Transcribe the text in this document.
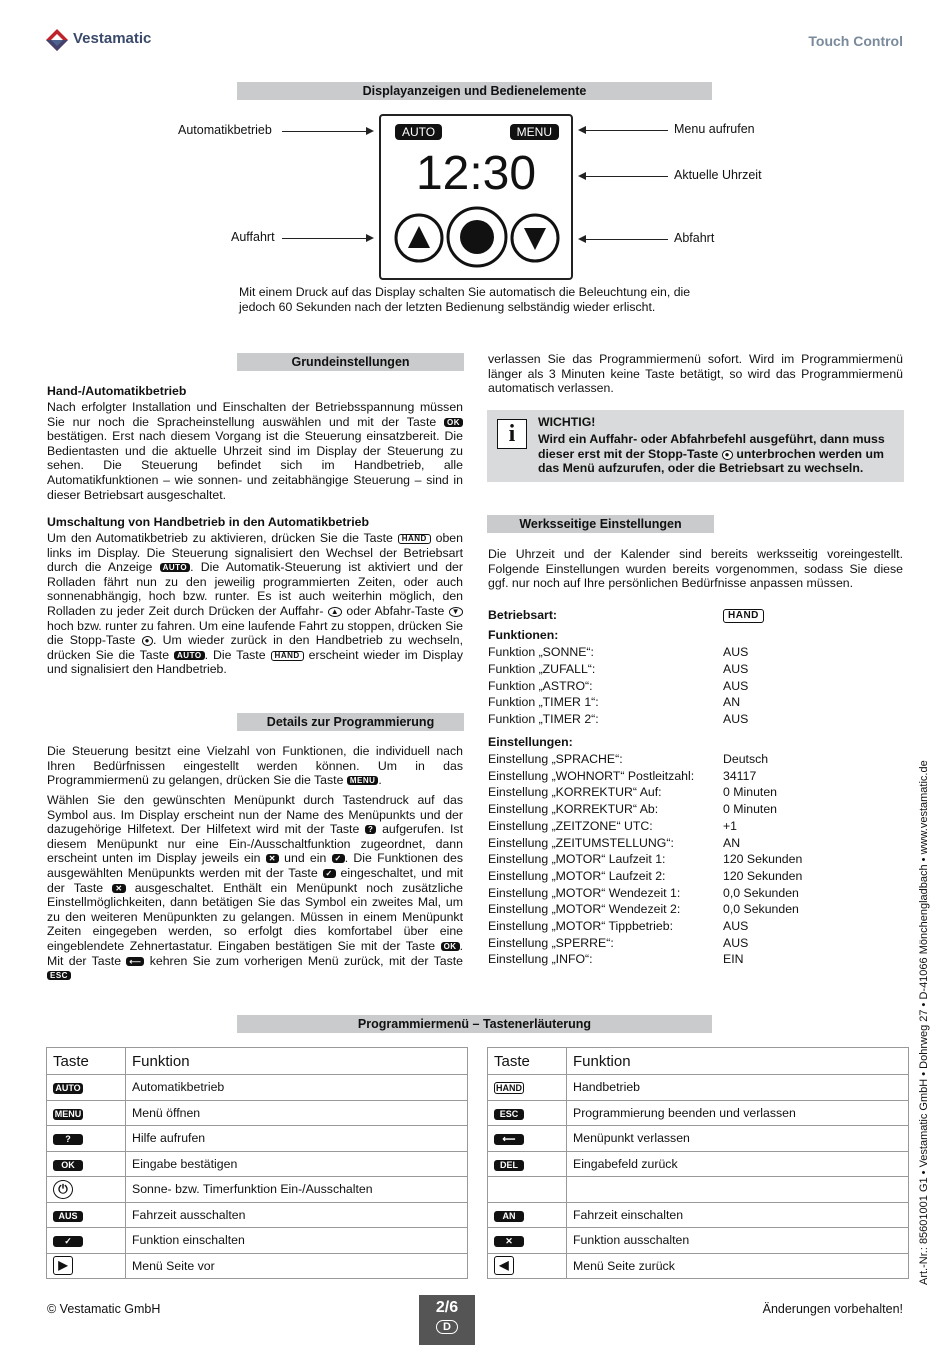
Vestamatic	Touch Control
Displayanzeigen und Bedienelemente
AUTO	MENU
12:30
Automatikbetrieb
Auffahrt
Menu aufrufen
Aktuelle Uhrzeit
Abfahrt
Mit einem Druck auf das Display schalten Sie automatisch die Beleuchtung ein, die jedoch 60 Sekunden nach der letzten Bedienung selbständig wieder erlischt.
Grundeinstellungen
Hand-/Automatikbetrieb
Nach erfolgter Installation und Einschalten der Betriebsspannung müssen Sie nur noch die Spracheinstellung auswählen und mit der Taste OK bestätigen. Erst nach diesem Vorgang ist die Steuerung einsatzbereit. Die Bedientasten und die aktuelle Uhrzeit sind im Display der Steuerung zu sehen. Die Steuerung befindet sich im Handbetrieb, alle Automatikfunktionen – wie sonnen- und zeitabhängige Steuerung – sind in dieser Betriebsart ausgeschaltet.
Umschaltung von Handbetrieb in den Automatikbetrieb
Um den Automatikbetrieb zu aktivieren, drücken Sie die Taste HAND oben links im Display. Die Steuerung signalisiert den Wechsel der Betriebsart durch die Anzeige AUTO . Die Automatik-Steuerung ist aktiviert und der Rolladen fährt nun zu den jeweilig programmierten Zeiten, oder auch sonnenabhängig, hoch bzw. runter. Es ist auch weiterhin möglich, den Rolladen zu jeder Zeit durch Drücken der Auffahr- ▲ oder Abfahr-Taste ▼ hoch bzw. runter zu fahren. Um eine laufende Fahrt zu stoppen, drücken Sie die Stopp-Taste ● . Um wieder zurück in den Handbetrieb zu wechseln, drücken Sie die Taste AUTO . Die Taste HAND erscheint wieder im Display und signalisiert den Handbetrieb.
Details zur Programmierung
Die Steuerung besitzt eine Vielzahl von Funktionen, die individuell nach Ihren Bedürfnissen eingestellt werden können. Um in das Programmiermenü zu gelangen, drücken Sie die Taste MENU .
Wählen Sie den gewünschten Menüpunkt durch Tastendruck auf das Symbol aus. Im Display erscheint nun der Name des Menüpunkts und der dazugehörige Hilfetext. Der Hilfetext wird mit der Taste ? aufgerufen. Ist diesem Menüpunkt nur eine Ein-/Ausschaltfunktion zugeordnet, dann erscheint unten im Display jeweils ein ✕ und ein ✓ . Die Funktionen des ausgewählten Menüpunkts werden mit der Taste ✓ eingeschaltet, und mit der Taste ✕ ausgeschaltet. Enthält ein Menüpunkt noch zusätzliche Einstellmöglichkeiten, dann betätigen Sie das Symbol ein zweites Mal, um zu den weiteren Menüpunkten zu gelangen. Müssen in einem Menüpunkt Zeiten eingegeben werden, so erfolgt dies komfortabel über eine eingeblendete Zehnertastatur. Eingaben bestätigen Sie mit der Taste OK . Mit der Taste ⟵ kehren Sie zum vorherigen Menü zurück, mit der Taste ESC
verlassen Sie das Programmiermenü sofort. Wird im Programmiermenü länger als 3 Minuten keine Taste betätigt, so wird das Programmiermenü automatisch verlassen.
i	WICHTIG!
Wird ein Auffahr- oder Abfahrbefehl ausgeführt, dann muss dieser erst mit der Stopp-Taste ● unterbrochen werden um das Menü aufzurufen, oder die Betriebsart zu wechseln.
Werksseitige Einstellungen
Die Uhrzeit und der Kalender sind bereits werksseitig voreingestellt. Folgende Einstellungen wurden bereits vorgenommen, sodass Sie diese ggf. nur noch auf Ihre persönlichen Bedürfnisse anpassen müssen.
Betriebsart:	HAND
Funktionen:
Funktion „SONNE“:	AUS
Funktion „ZUFALL“:	AUS
Funktion „ASTRO“:	AUS
Funktion „TIMER 1“:	AN
Funktion „TIMER 2“:	AUS
Einstellungen:
Einstellung „SPRACHE“:	Deutsch
Einstellung „WOHNORT“ Postleitzahl: 34117
Einstellung „KORREKTUR“ Auf:	0 Minuten
Einstellung „KORREKTUR“ Ab:	0 Minuten
Einstellung „ZEITZONE“ UTC:	+1
Einstellung „ZEITUMSTELLUNG“:	AN
Einstellung „MOTOR“ Laufzeit 1:	120 Sekunden
Einstellung „MOTOR“ Laufzeit 2:	120 Sekunden
Einstellung „MOTOR“ Wendezeit 1:	0,0 Sekunden
Einstellung „MOTOR“ Wendezeit 2:	0,0 Sekunden
Einstellung „MOTOR“ Tippbetrieb:	AUS
Einstellung „SPERRE“:	AUS
Einstellung „INFO“:	EIN
Programmiermenü – Tastenerläuterung
Taste	Funktion
AUTO	Automatikbetrieb
MENU	Menü öffnen
?	Hilfe aufrufen
OK	Eingabe bestätigen
⏻	Sonne- bzw. Timerfunktion Ein-/Ausschalten
AUS	Fahrzeit ausschalten
✓	Funktion einschalten
▶	Menü Seite vor
Taste	Funktion
HAND	Handbetrieb
ESC	Programmierung beenden und verlassen
⟵	Menüpunkt verlassen
DEL	Eingabefeld zurück

AN	Fahrzeit einschalten
✕	Funktion ausschalten
◀	Menü Seite zurück	Art.-Nr.: 85601001 G1 • Vestamatic GmbH • Dohrweg 27 • D-41066 Mönchengladbach • www.vestamatic.de
© Vestamatic GmbH	2/6
D
Änderungen vorbehalten!
